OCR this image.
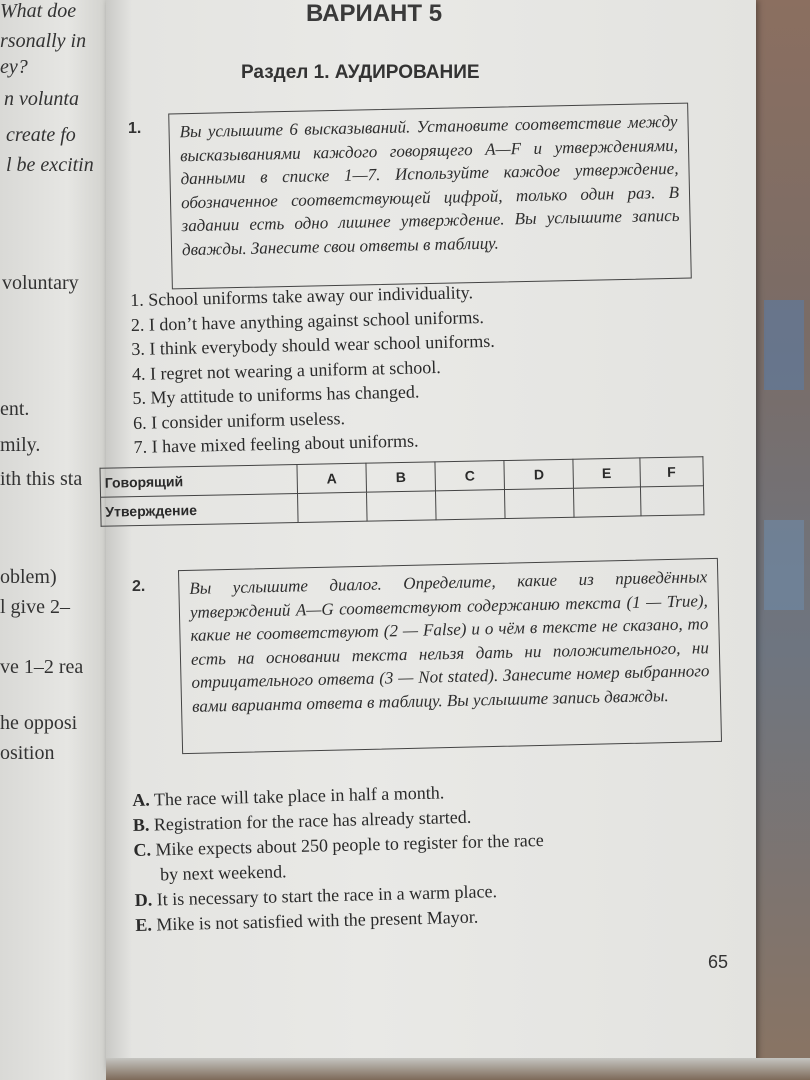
What doe
rsonally in
ey?
n volunta
create fo
l be excitin
voluntary
ent.
mily.
ith this sta
oblem)
l give 2–
ve 1–2 rea
he opposi
osition
ВАРИАНТ 5
Раздел 1. АУДИРОВАНИЕ
1.	Вы услышите 6 высказываний. Установите соответствие между высказываниями каждого говорящего A—F и утверждениями, данными в списке 1—7. Используйте каждое утверждение, обозначенное соответствующей цифрой, только один раз. В задании есть одно лишнее утверждение. Вы услышите запись дважды. Занесите свои ответы в таблицу.
1. School uniforms take away our individuality.
2. I don’t have anything against school uniforms.
3. I think everybody should wear school uniforms.
4. I regret not wearing a uniform at school.
5. My attitude to uniforms has changed.
6. I consider uniform useless.
7. I have mixed feeling about uniforms.
Говорящий	A	B	C	D	E	F
Утверждение						
2.	Вы услышите диалог. Определите, какие из приведённых утверждений A—G соответствуют содержанию текста (1 — True), какие не соответствуют (2 — False) и о чём в тексте не сказано, то есть на основании текста нельзя дать ни положительного, ни отрицательного ответа (3 — Not stated). Занесите номер выбранного вами варианта ответа в таблицу. Вы услышите запись дважды.
A. The race will take place in half a month.
B. Registration for the race has already started.
C. Mike expects about 250 people to register for the race
by next weekend.
D. It is necessary to start the race in a warm place.
E. Mike is not satisfied with the present Mayor.
65
